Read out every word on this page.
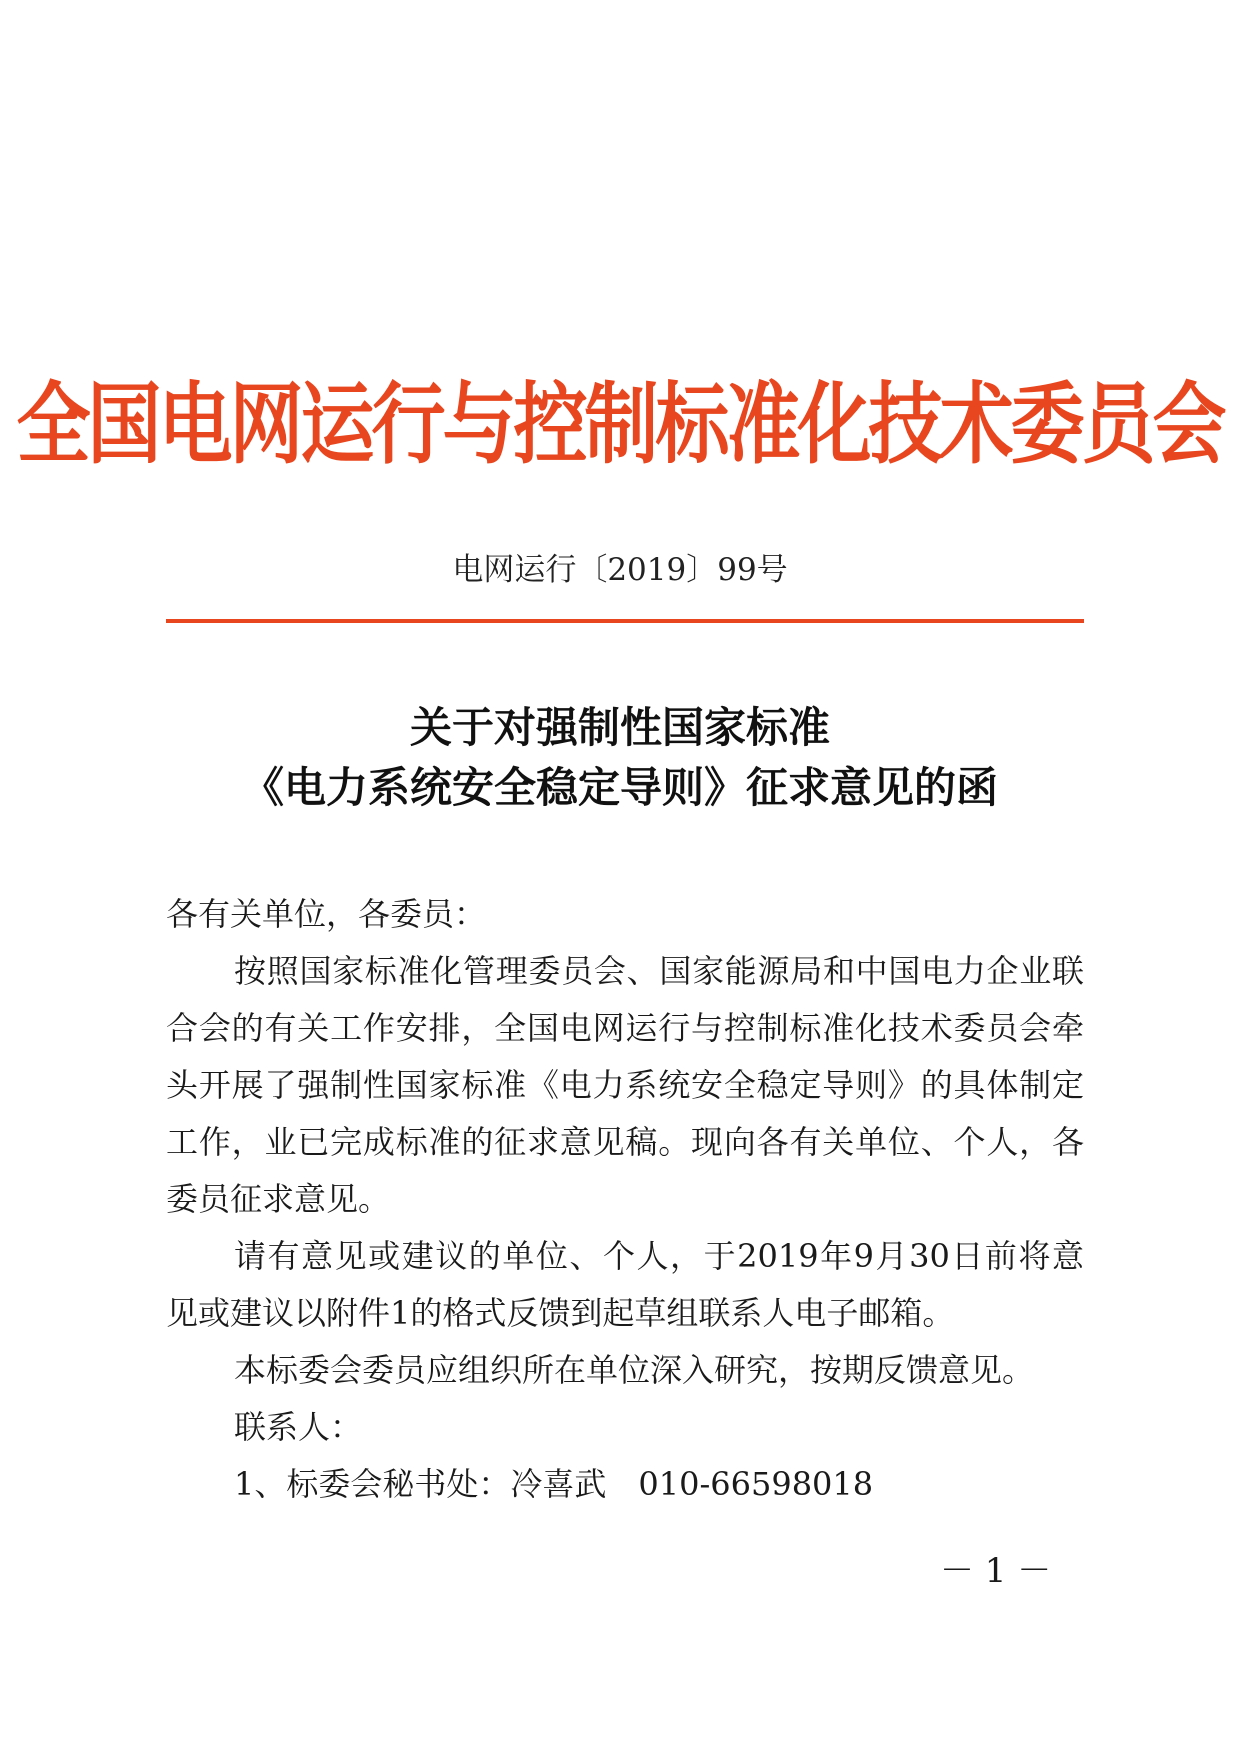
全国电网运行与控制标准化技术委员会
电网运行〔2019〕99号
关于对强制性国家标准
《电力系统安全稳定导则》征求意见的函
各有关单位，各委员：
按照国家标准化管理委员会、国家能源局和中国电力企业联
合会的有关工作安排，全国电网运行与控制标准化技术委员会牵
头开展了强制性国家标准《电力系统安全稳定导则》的具体制定
工作，业已完成标准的征求意见稿。现向各有关单位、个人，各
委员征求意见。
请有意见或建议的单位、个人，于2019年9月30日前将意
见或建议以附件1的格式反馈到起草组联系人电子邮箱。
本标委会委员应组织所在单位深入研究，按期反馈意见。
联系人：
1、标委会秘书处：冷喜武　010-66598018
－ 1 －
